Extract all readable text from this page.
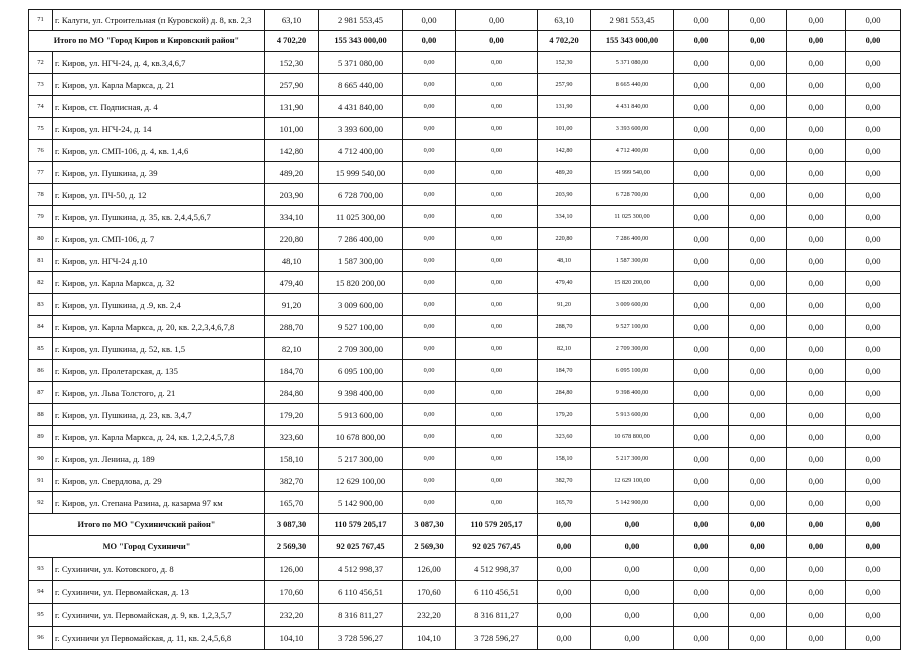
71	г. Калуги, ул. Строительная (п Куровской) д. 8, кв. 2,3	63,10	2 981 553,45	0,00	0,00	63,10	2 981 553,45	0,00	0,00	0,00	0,00
Итого по МО "Город Киров и Кировский район"		4 702,20	155 343 000,00	0,00	0,00	4 702,20	155 343 000,00	0,00	0,00	0,00	0,00
72	г. Киров, ул. НГЧ-24, д. 4, кв.3,4,6,7	152,30	5 371 080,00	0,00	0,00	152,30	5 371 080,00	0,00	0,00	0,00	0,00
73	г. Киров, ул. Карла Маркса, д. 21	257,90	8 665 440,00	0,00	0,00	257,90	8 665 440,00	0,00	0,00	0,00	0,00
74	г. Киров, ст. Подписная, д. 4	131,90	4 431 840,00	0,00	0,00	131,90	4 431 840,00	0,00	0,00	0,00	0,00
75	г. Киров, ул. НГЧ-24, д. 14	101,00	3 393 600,00	0,00	0,00	101,00	3 393 600,00	0,00	0,00	0,00	0,00
76	г. Киров, ул. СМП-106, д. 4, кв. 1,4,6	142,80	4 712 400,00	0,00	0,00	142,80	4 712 400,00	0,00	0,00	0,00	0,00
77	г. Киров, ул. Пушкина, д. 39	489,20	15 999 540,00	0,00	0,00	489,20	15 999 540,00	0,00	0,00	0,00	0,00
78	г. Киров, ул. ПЧ-50, д. 12	203,90	6 728 700,00	0,00	0,00	203,90	6 728 700,00	0,00	0,00	0,00	0,00
79	г. Киров, ул. Пушкина, д. 35, кв. 2,4,4,5,6,7	334,10	11 025 300,00	0,00	0,00	334,10	11 025 300,00	0,00	0,00	0,00	0,00
80	г. Киров, ул. СМП-106, д. 7	220,80	7 286 400,00	0,00	0,00	220,80	7 286 400,00	0,00	0,00	0,00	0,00
81	г. Киров, ул. НГЧ-24 д.10	48,10	1 587 300,00	0,00	0,00	48,10	1 587 300,00	0,00	0,00	0,00	0,00
82	г. Киров, ул. Карла Маркса, д. 32	479,40	15 820 200,00	0,00	0,00	479,40	15 820 200,00	0,00	0,00	0,00	0,00
83	г. Киров, ул. Пушкина, д .9, кв. 2,4	91,20	3 009 600,00	0,00	0,00	91,20	3 009 600,00	0,00	0,00	0,00	0,00
84	г. Киров, ул. Карла Маркса, д. 20, кв. 2,2,3,4,6,7,8	288,70	9 527 100,00	0,00	0,00	288,70	9 527 100,00	0,00	0,00	0,00	0,00
85	г. Киров, ул. Пушкина, д. 52, кв. 1,5	82,10	2 709 300,00	0,00	0,00	82,10	2 709 300,00	0,00	0,00	0,00	0,00
86	г. Киров, ул. Пролетарская, д. 135	184,70	6 095 100,00	0,00	0,00	184,70	6 095 100,00	0,00	0,00	0,00	0,00
87	г. Киров, ул. Льва Толстого, д. 21	284,80	9 398 400,00	0,00	0,00	284,80	9 398 400,00	0,00	0,00	0,00	0,00
88	г. Киров, ул. Пушкина, д. 23, кв. 3,4,7	179,20	5 913 600,00	0,00	0,00	179,20	5 913 600,00	0,00	0,00	0,00	0,00
89	г. Киров, ул. Карла Маркса, д. 24, кв. 1,2,2,4,5,7,8	323,60	10 678 800,00	0,00	0,00	323,60	10 678 800,00	0,00	0,00	0,00	0,00
90	г. Киров, ул. Ленина, д. 189	158,10	5 217 300,00	0,00	0,00	158,10	5 217 300,00	0,00	0,00	0,00	0,00
91	г. Киров, ул. Свердлова, д. 29	382,70	12 629 100,00	0,00	0,00	382,70	12 629 100,00	0,00	0,00	0,00	0,00
92	г. Киров, ул. Степана Разина, д. казарма 97 км	165,70	5 142 900,00	0,00	0,00	165,70	5 142 900,00	0,00	0,00	0,00	0,00
Итого по МО "Сухиничский район"		3 087,30	110 579 205,17	3 087,30	110 579 205,17	0,00	0,00	0,00	0,00	0,00	0,00
МО "Город Сухиничи"		2 569,30	92 025 767,45	2 569,30	92 025 767,45	0,00	0,00	0,00	0,00	0,00	0,00
93	г. Сухиничи, ул. Котовского, д. 8	126,00	4 512 998,37	126,00	4 512 998,37	0,00	0,00	0,00	0,00	0,00	0,00
94	г. Сухиничи, ул. Первомайская, д. 13	170,60	6 110 456,51	170,60	6 110 456,51	0,00	0,00	0,00	0,00	0,00	0,00
95	г. Сухиничи, ул. Первомайская, д. 9, кв. 1,2,3,5,7	232,20	8 316 811,27	232,20	8 316 811,27	0,00	0,00	0,00	0,00	0,00	0,00
96	г. Сухиничи ул Первомайская, д. 11, кв. 2,4,5,6,8	104,10	3 728 596,27	104,10	3 728 596,27	0,00	0,00	0,00	0,00	0,00	0,00
